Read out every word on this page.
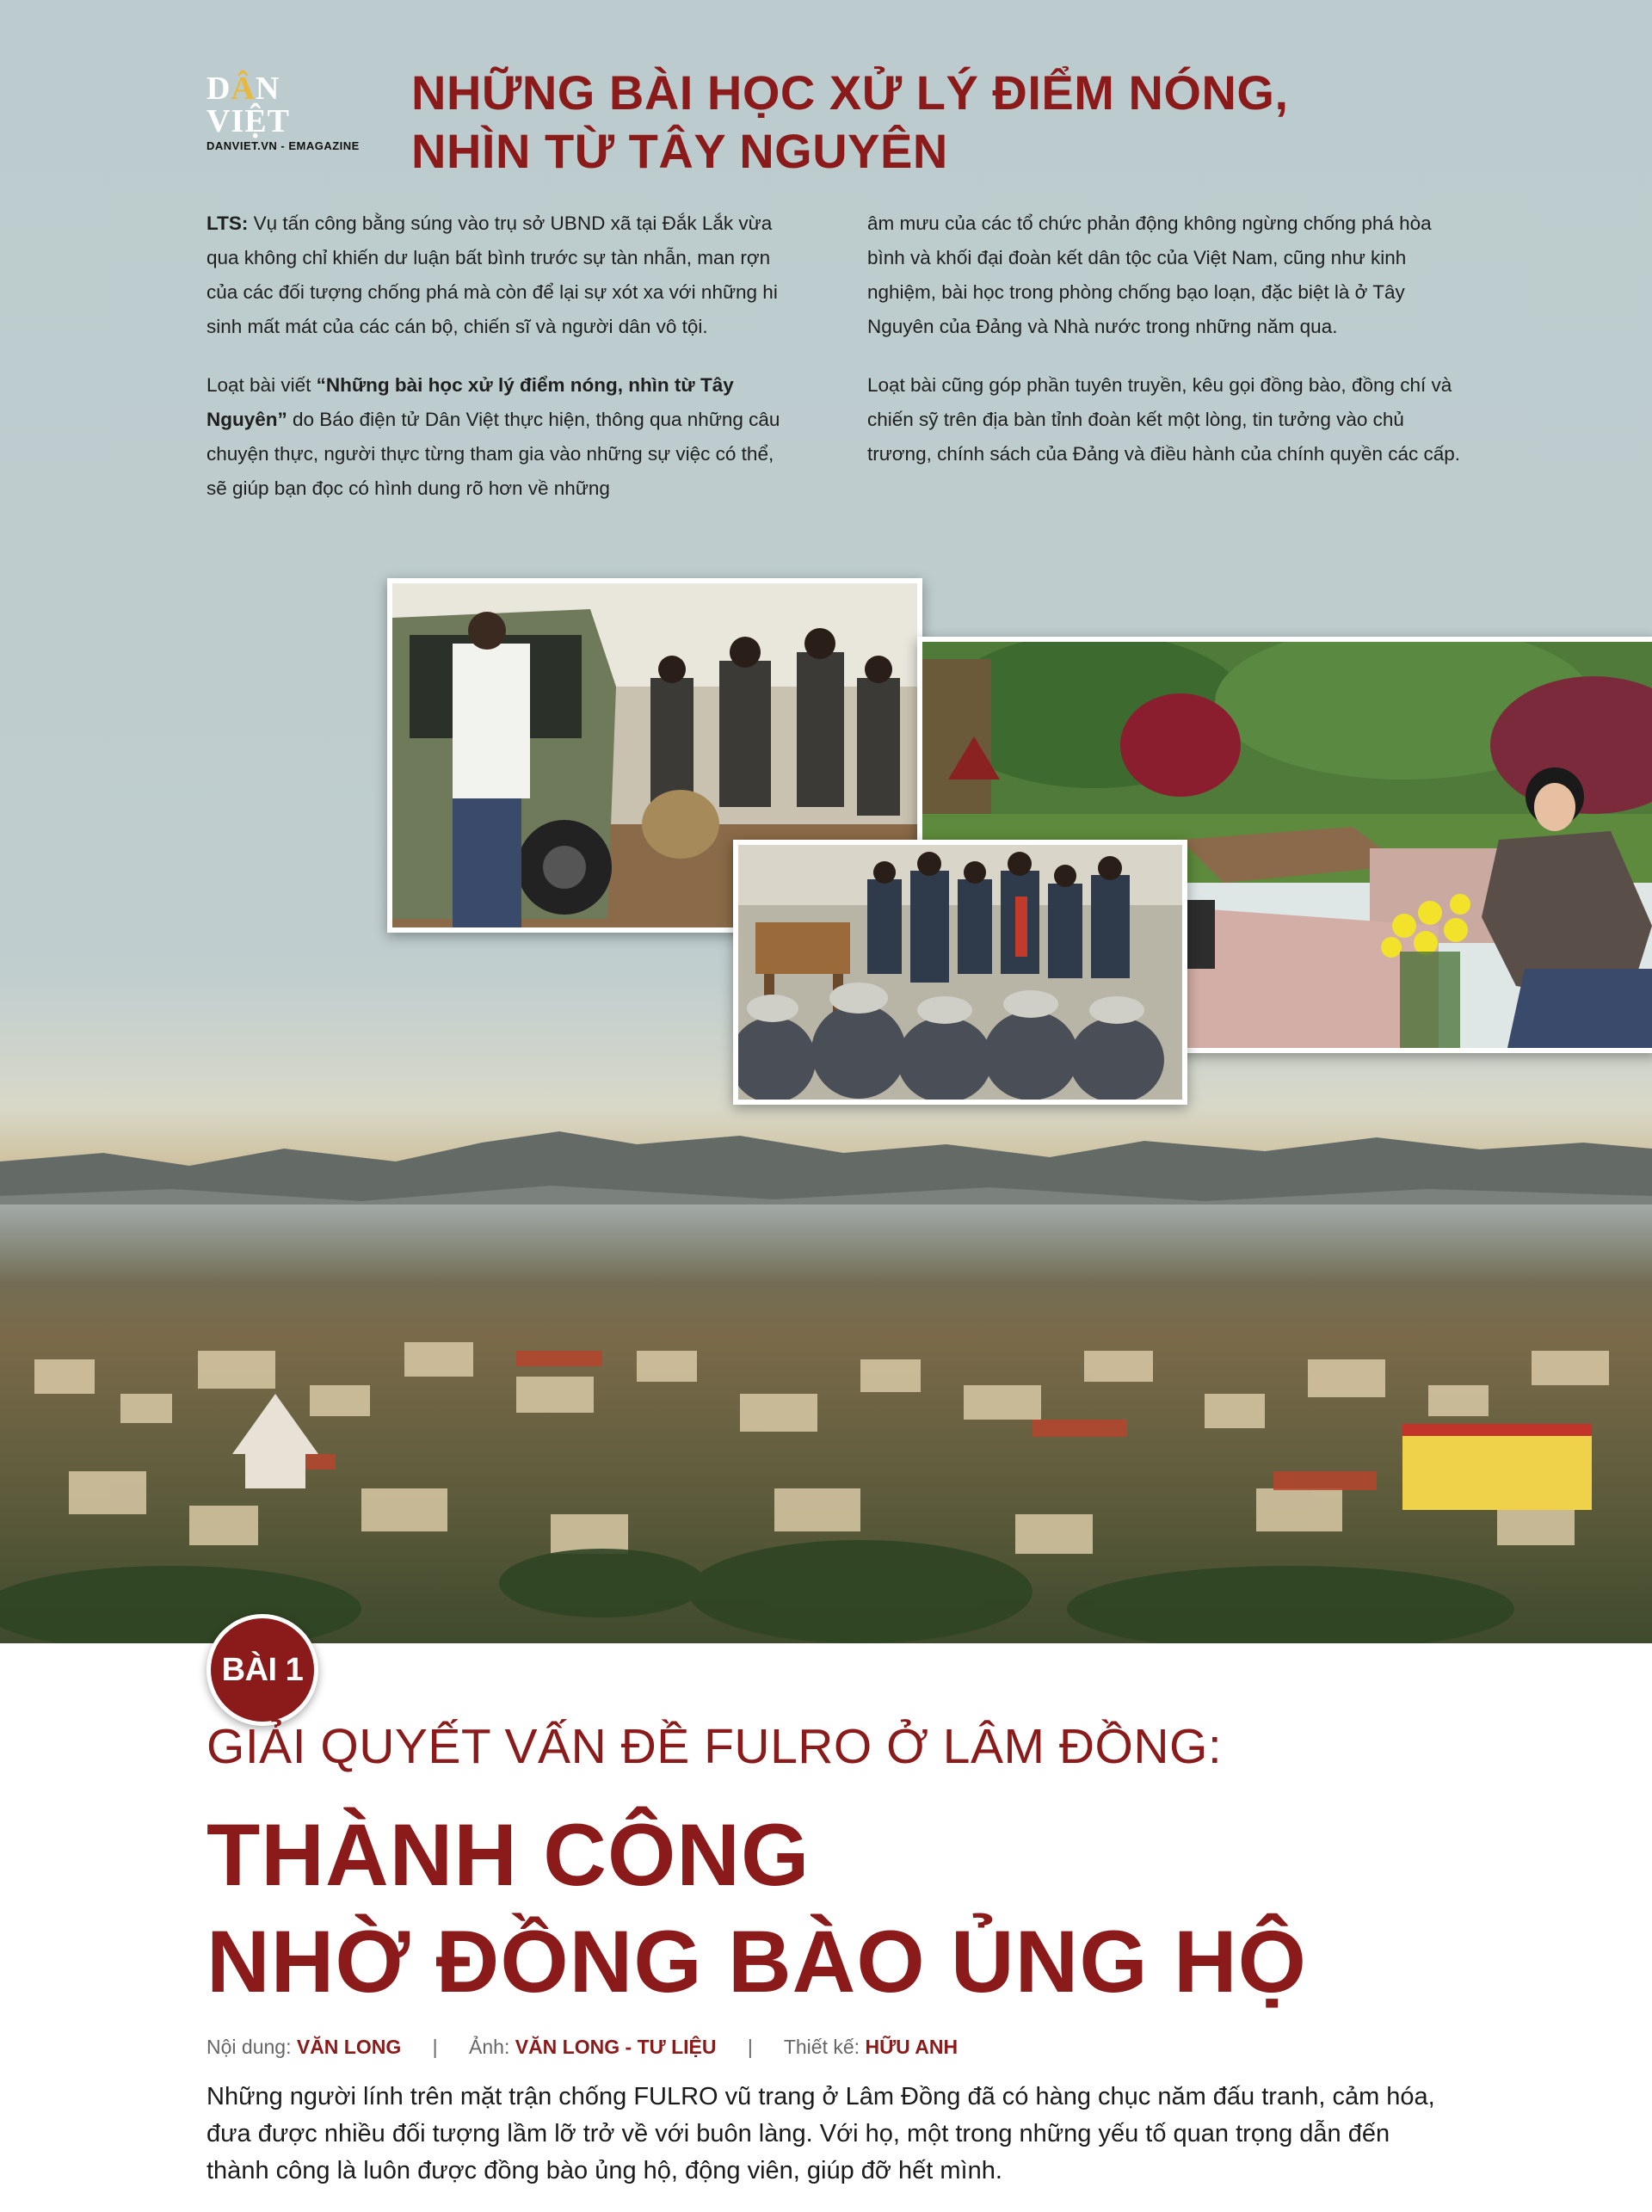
DÂN VIỆT
DANVIET.VN - EMAGAZINE
NHỮNG BÀI HỌC XỬ LÝ ĐIỂM NÓNG,
NHÌN TỪ TÂY NGUYÊN

LTS: Vụ tấn công bằng súng vào trụ sở UBND xã tại Đắk Lắk vừa qua không chỉ khiến dư luận bất bình trước sự tàn nhẫn, man rợn của các đối tượng chống phá mà còn để lại sự xót xa với những hi sinh mất mát của các cán bộ, chiến sĩ và người dân vô tội.

Loạt bài viết “Những bài học xử lý điểm nóng, nhìn từ Tây Nguyên” do Báo điện tử Dân Việt thực hiện, thông qua những câu chuyện thực, người thực từng tham gia vào những sự việc có thể, sẽ giúp bạn đọc có hình dung rõ hơn về những

âm mưu của các tổ chức phản động không ngừng chống phá hòa bình và khối đại đoàn kết dân tộc của Việt Nam, cũng như kinh nghiệm, bài học trong phòng chống bạo loạn, đặc biệt là ở Tây Nguyên của Đảng và Nhà nước trong những năm qua.

Loạt bài cũng góp phần tuyên truyền, kêu gọi đồng bào, đồng chí và chiến sỹ trên địa bàn tỉnh đoàn kết một lòng, tin tưởng vào chủ trương, chính sách của Đảng và điều hành của chính quyền các cấp.

BÀI 1
GIẢI QUYẾT VẤN ĐỀ FULRO Ở LÂM ĐỒNG:
THÀNH CÔNG
NHỜ ĐỒNG BÀO ỦNG HỘ
Nội dung: VĂN LONG | Ảnh: VĂN LONG - TƯ LIỆU | Thiết kế: HỮU ANH

Những người lính trên mặt trận chống FULRO vũ trang ở Lâm Đồng đã có hàng chục năm đấu tranh, cảm hóa, đưa được nhiều đối tượng lầm lỡ trở về với buôn làng. Với họ, một trong những yếu tố quan trọng dẫn đến thành công là luôn được đồng bào ủng hộ, động viên, giúp đỡ hết mình.
